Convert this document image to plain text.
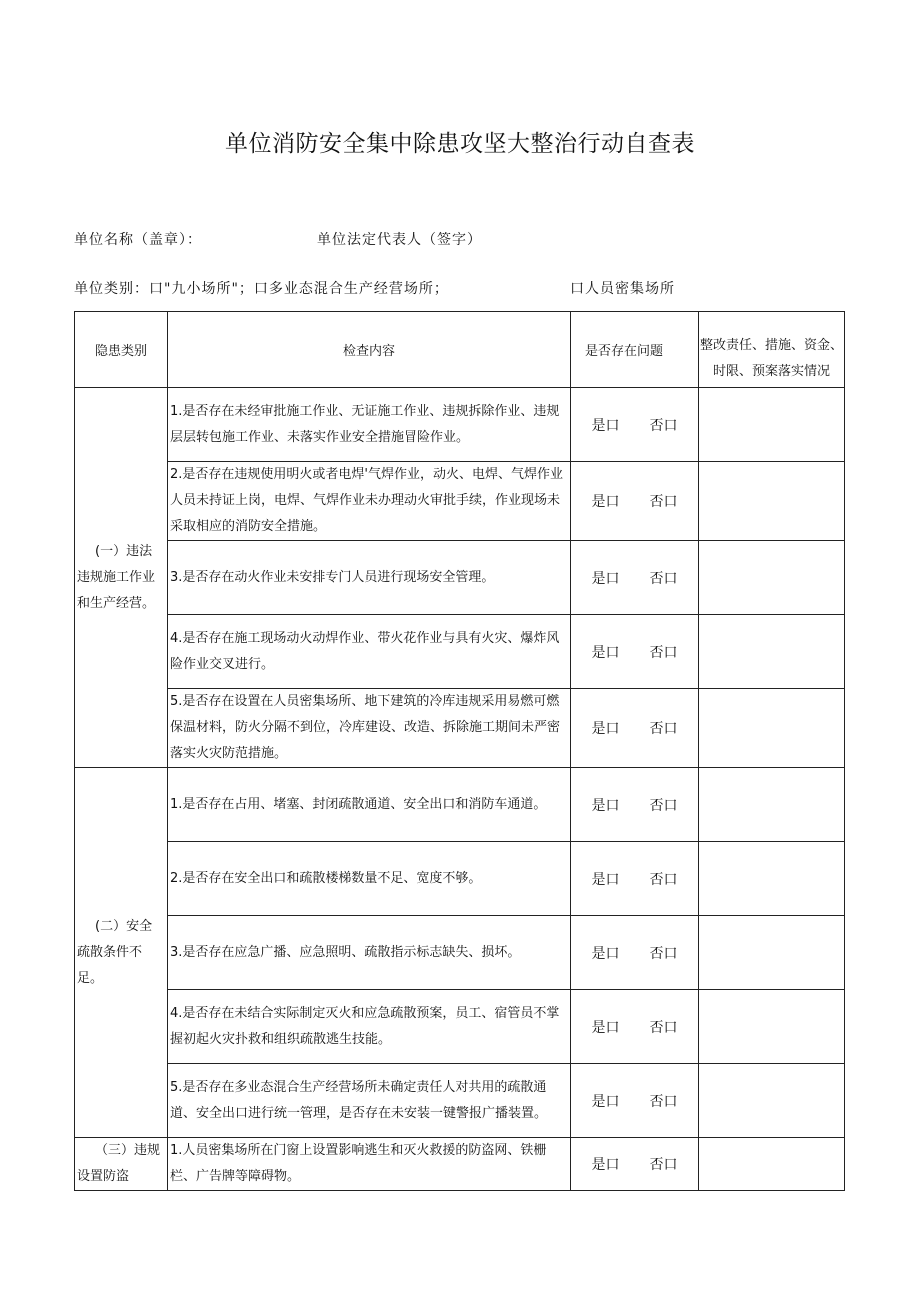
单位消防安全集中除患攻坚大整治行动自查表
单位名称（盖章）：	单位法定代表人（签字）
单位类别：口"九小场所"；口多业态混合生产经营场所；	口人员密集场所
隐患类别	检查内容	是否存在问题	整改责任、措施、资金、时限、预案落实情况

(一）违法违规施工作业和生产经营。	1.是否存在未经审批施工作业、无证施工作业、违规拆除作业、违规层层转包施工作业、未落实作业安全措施冒险作业。	是口 否口	
	2.是否存在违规使用明火或者电焊'气焊作业，动火、电焊、气焊作业人员未持证上岗，电焊、气焊作业未办理动火审批手续，作业现场未采取相应的消防安全措施。	是口 否口	
	3.是否存在动火作业未安排专门人员进行现场安全管理。	是口 否口	
	4.是否存在施工现场动火动焊作业、带火花作业与具有火灾、爆炸风险作业交叉进行。	是口 否口	
	5.是否存在设置在人员密集场所、地下建筑的冷库违规采用易燃可燃保温材料，防火分隔不到位，冷库建设、改造、拆除施工期间未严密落实火灾防范措施。	是口 否口	

(二）安全疏散条件不足。	1.是否存在占用、堵塞、封闭疏散通道、安全出口和消防车通道。	是口 否口	
	2.是否存在安全出口和疏散楼梯数量不足、宽度不够。	是口 否口	
	3.是否存在应急广播、应急照明、疏散指示标志缺失、损坏。	是口 否口	
	4.是否存在未结合实际制定灭火和应急疏散预案，员工、宿管员不掌握初起火灾扑救和组织疏散逃生技能。	是口 否口	
	5.是否存在多业态混合生产经营场所未确定责任人对共用的疏散通道、安全出口进行统一管理，是否存在未安装一键警报广播装置。	是口 否口	

（三）违规设置防盗	1.人员密集场所在门窗上设置影响逃生和灭火救援的防盗网、铁栅栏、广告牌等障碍物。	是口 否口	
